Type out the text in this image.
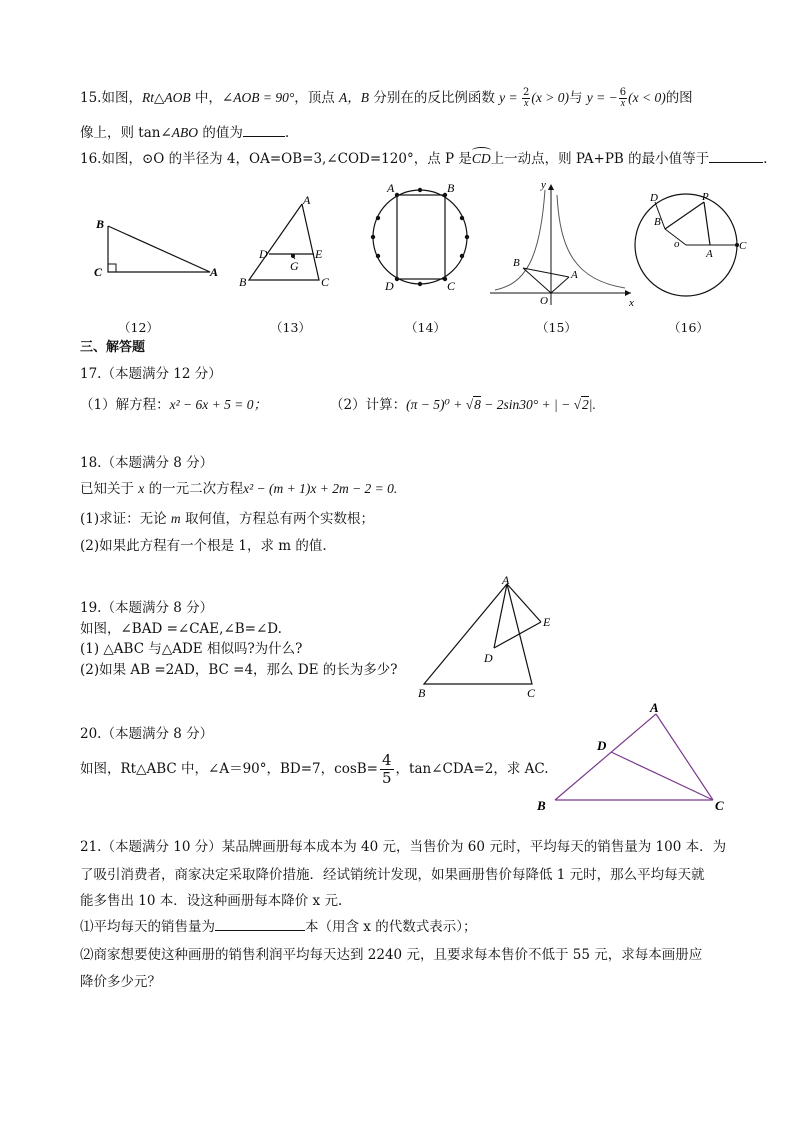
15.如图，Rt△AOB 中，∠AOB = 90°，顶点 A，B 分别在的反比例函数 $y = \frac{2}{x} (x > 0)$与 y = − $\frac{6}{x} (x < 0)$的图
像上，则 tan∠ABO 的值为	.
16.如图，⊙O 的半径为 4，OA=OB=3,∠COD=120°，点 P 是
CD上一动点，则 PA+PB 的最小值等于	.
B
C	A
A
D	E
G
B	C
A	B
D	C
y
x
B
A
O
D	P
B
o
A
C
（12）	（13）	（14）	（15）	（16）
三、解答题
17.（本题满分 12 分）
（1）解方程：x² − 6x + 5 = 0；	（2）计算：(π − 5)⁰ + √8 − 2sin30° + | − √2|.
18.（本题满分 8 分）
已知关于 x 的一元二次方程x² − (m + 1)x + 2m − 2 = 0.
(1)求证：无论 m 取何值，方程总有两个实数根；
(2)如果此方程有一个根是 1，求 m 的值.
19.（本题满分 8 分）
如图，∠BAD =∠CAE,∠B=∠D.
(1) △ABC 与△ADE 相似吗?为什么?
(2)如果 AB =2AD，BC =4，那么 DE 的长为多少?
A
E
D
B	C
20.（本题满分 8 分）
如图，Rt△ABC 中，∠A＝90°，BD=7，$\cos B= \frac{4}{5}$ ，tan∠CDA=2，求 AC.
A
D
B	C
21.（本题满分 10 分）某品牌画册每本成本为 40 元，当售价为 60 元时，平均每天的销售量为 100 本．为
了吸引消费者，商家决定采取降价措施．经试销统计发现，如果画册售价每降低 1 元时，那么平均每天就
能多售出 10 本．设这种画册每本降价 x 元.
⑴平均每天的销售量为	本（用含 x 的代数式表示）；
⑵商家想要使这种画册的销售利润平均每天达到 2240 元，且要求每本售价不低于 55 元，求每本画册应
降价多少元？
